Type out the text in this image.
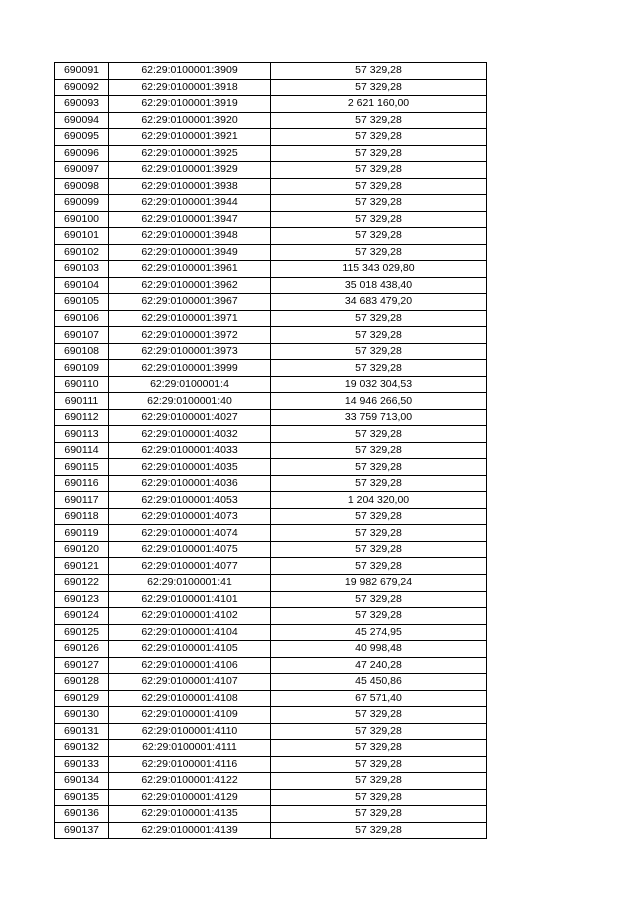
690091	62:29:0100001:3909	57 329,28
690092	62:29:0100001:3918	57 329,28
690093	62:29:0100001:3919	2 621 160,00
690094	62:29:0100001:3920	57 329,28
690095	62:29:0100001:3921	57 329,28
690096	62:29:0100001:3925	57 329,28
690097	62:29:0100001:3929	57 329,28
690098	62:29:0100001:3938	57 329,28
690099	62:29:0100001:3944	57 329,28
690100	62:29:0100001:3947	57 329,28
690101	62:29:0100001:3948	57 329,28
690102	62:29:0100001:3949	57 329,28
690103	62:29:0100001:3961	115 343 029,80
690104	62:29:0100001:3962	35 018 438,40
690105	62:29:0100001:3967	34 683 479,20
690106	62:29:0100001:3971	57 329,28
690107	62:29:0100001:3972	57 329,28
690108	62:29:0100001:3973	57 329,28
690109	62:29:0100001:3999	57 329,28
690110	62:29:0100001:4	19 032 304,53
690111	62:29:0100001:40	14 946 266,50
690112	62:29:0100001:4027	33 759 713,00
690113	62:29:0100001:4032	57 329,28
690114	62:29:0100001:4033	57 329,28
690115	62:29:0100001:4035	57 329,28
690116	62:29:0100001:4036	57 329,28
690117	62:29:0100001:4053	1 204 320,00
690118	62:29:0100001:4073	57 329,28
690119	62:29:0100001:4074	57 329,28
690120	62:29:0100001:4075	57 329,28
690121	62:29:0100001:4077	57 329,28
690122	62:29:0100001:41	19 982 679,24
690123	62:29:0100001:4101	57 329,28
690124	62:29:0100001:4102	57 329,28
690125	62:29:0100001:4104	45 274,95
690126	62:29:0100001:4105	40 998,48
690127	62:29:0100001:4106	47 240,28
690128	62:29:0100001:4107	45 450,86
690129	62:29:0100001:4108	67 571,40
690130	62:29:0100001:4109	57 329,28
690131	62:29:0100001:4110	57 329,28
690132	62:29:0100001:4111	57 329,28
690133	62:29:0100001:4116	57 329,28
690134	62:29:0100001:4122	57 329,28
690135	62:29:0100001:4129	57 329,28
690136	62:29:0100001:4135	57 329,28
690137	62:29:0100001:4139	57 329,28
